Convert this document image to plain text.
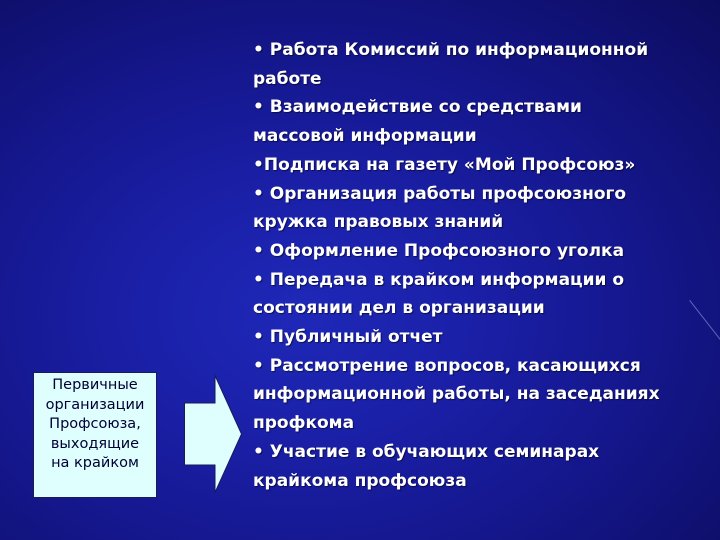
Первичные
организации
Профсоюза,
выходящие
на крайком
• Работа Комиссий по информационной
работе
• Взаимодействие со средствами
массовой информации
•Подписка на газету «Мой Профсоюз»
• Организация работы профсоюзного
кружка правовых знаний
• Оформление Профсоюзного уголка
• Передача в крайком информации о
состоянии дел в организации
• Публичный отчет
• Рассмотрение вопросов, касающихся
информационной работы, на заседаниях
профкома
• Участие в обучающих семинарах
крайкома профсоюза
